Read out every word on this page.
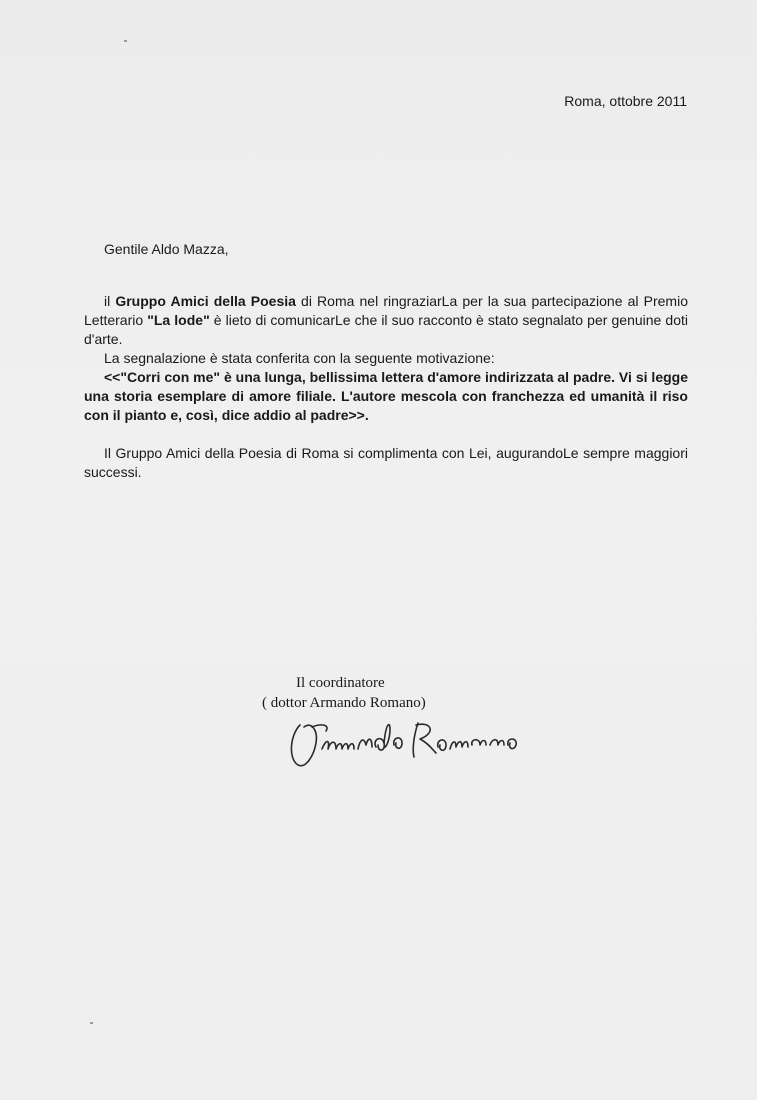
Roma, ottobre 2011
Gentile Aldo Mazza,

il Gruppo Amici della Poesia di Roma nel ringraziarLa per la sua partecipazione al Premio Letterario "La lode" è lieto di comunicarLe che il suo racconto è stato segnalato per genuine doti d'arte.

La segnalazione è stata conferita con la seguente motivazione:

<<"Corri con me" è una lunga, bellissima lettera d'amore indirizzata al padre. Vi si legge una storia esemplare di amore filiale. L'autore mescola con franchezza ed umanità il riso con il pianto e, così, dice addio al padre>>.

Il Gruppo Amici della Poesia di Roma si complimenta con Lei, augurandoLe sempre maggiori successi.

Il coordinatore
( dottor Armando Romano)
